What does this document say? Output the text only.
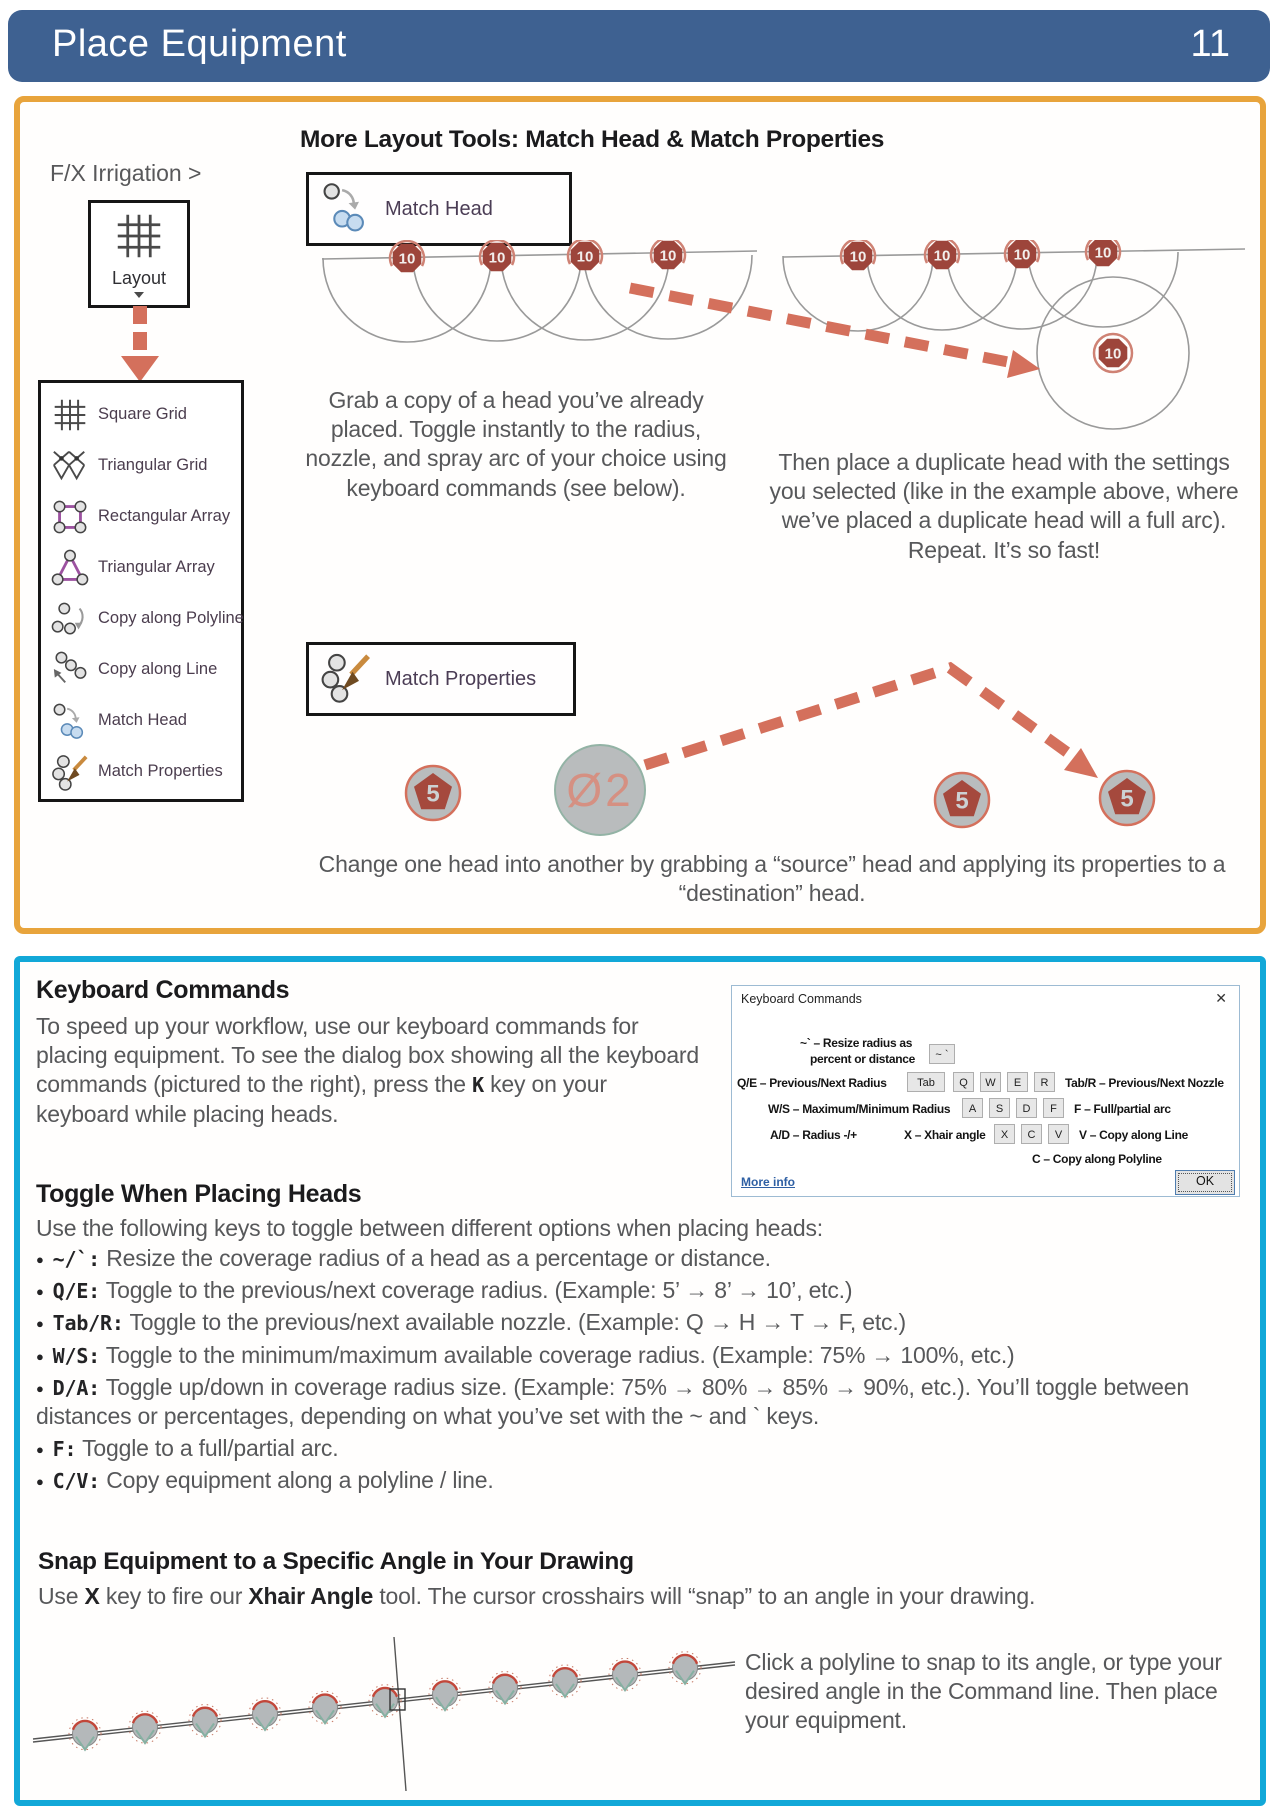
Place Equipment	11
More Layout Tools: Match Head & Match Properties
F/X Irrigation >
Layout
Square Grid
Triangular Grid
Rectangular Array
Triangular Array
Copy along Polyline
Copy along Line
Match Head
Match Properties
Match Head
10	10	10	10	10	10	10	10
10
Grab a copy of a head you’ve already placed. Toggle instantly to the radius, nozzle, and spray arc of your choice using keyboard commands (see below).
Then place a duplicate head with the settings you selected (like in the example above, where we’ve placed a duplicate head will a full arc). Repeat. It’s so fast!
Match Properties
5	Ø2	5	5
Change one head into another by grabbing a “source” head and applying its properties to a “destination” head.
Keyboard Commands
To speed up your workflow, use our keyboard commands for placing equipment. To see the dialog box showing all the keyboard commands (pictured to the right), press the K key on your keyboard while placing heads.
Keyboard Commands	✕
~` – Resize radius as
percent or distance	~ `
Q/E – Previous/Next Radius	Tab	Q	W	E	R	Tab/R – Previous/Next Nozzle
W/S – Maximum/Minimum Radius	A	S	D	F	F – Full/partial arc
A/D – Radius -/+	X – Xhair angle	X	C	V	V – Copy along Line
C – Copy along Polyline
More info	OK
Toggle When Placing Heads
Use the following keys to toggle between different options when placing heads:
● ~/`: Resize the coverage radius of a head as a percentage or distance.
● Q/E: Toggle to the previous/next coverage radius. (Example: 5’ → 8’ → 10’, etc.)
● Tab/R: Toggle to the previous/next available nozzle. (Example: Q → H → T → F, etc.)
● W/S: Toggle to the minimum/maximum available coverage radius. (Example: 75% → 100%, etc.)
● D/A: Toggle up/down in coverage radius size. (Example: 75% → 80% → 85% → 90%, etc.). You’ll toggle between distances or percentages, depending on what you’ve set with the ~ and ` keys.
● F: Toggle to a full/partial arc.
● C/V: Copy equipment along a polyline / line.
Snap Equipment to a Specific Angle in Your Drawing
Use X key to fire our Xhair Angle tool. The cursor crosshairs will “snap” to an angle in your drawing.
Click a polyline to snap to its angle, or type your desired angle in the Command line. Then place your equipment.
